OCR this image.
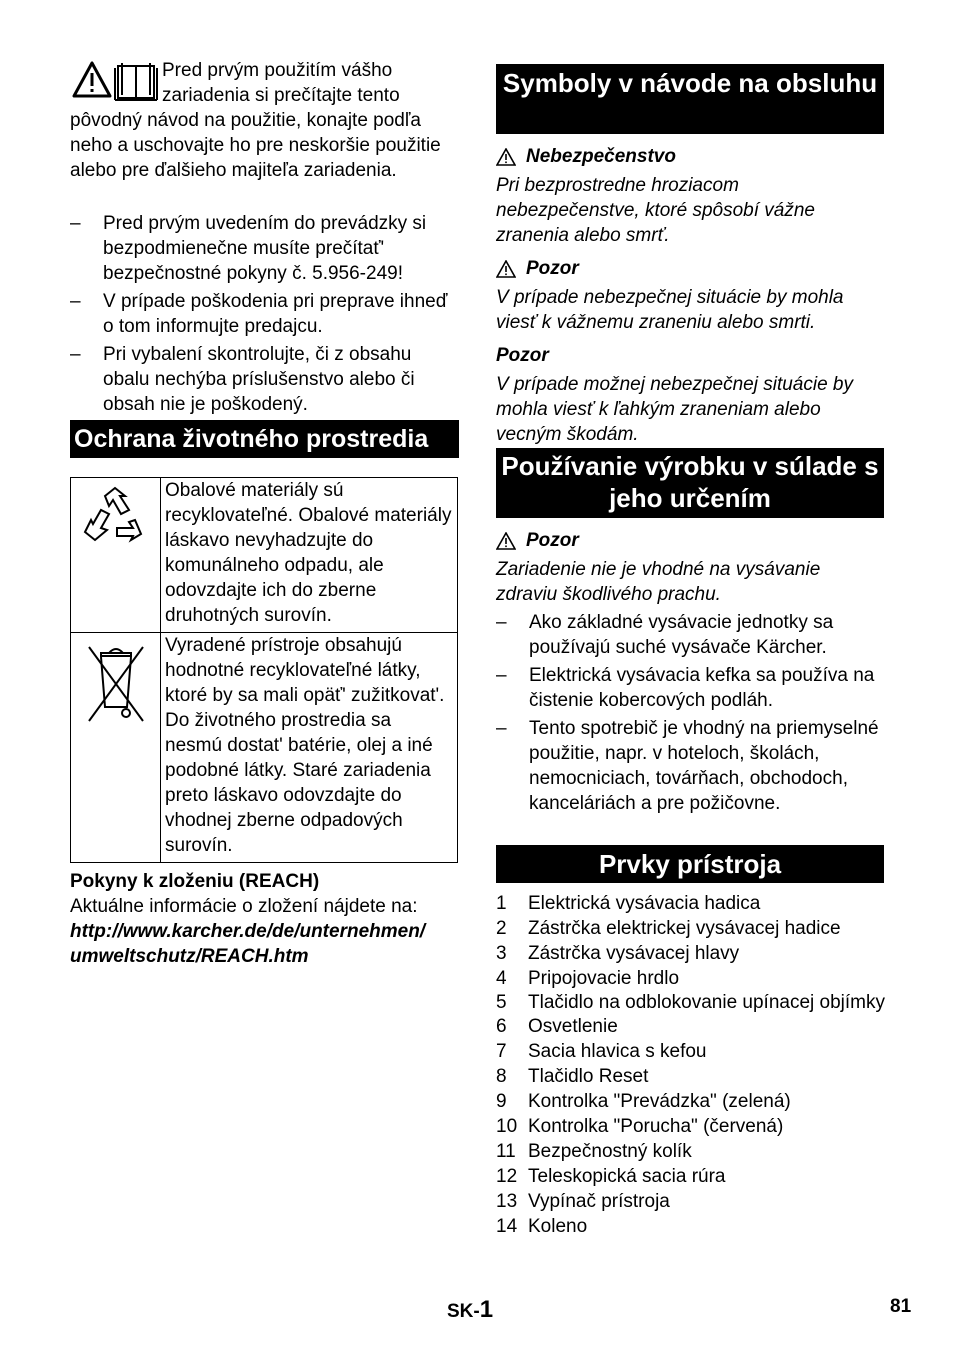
Pred prvým použitím vášho zariadenia si prečítajte tento pôvodný návod na použitie, konajte podľa neho a uschovajte ho pre neskoršie použitie alebo pre ďalšieho majiteľa zariadenia.
– Pred prvým uvedením do prevádzky si bezpodmienečne musíte prečítať' bezpečnostné pokyny č. 5.956-249!
– V prípade poškodenia pri preprave ihneď o tom informujte predajcu.
– Pri vybalení skontrolujte, či z obsahu obalu nechýba príslušenstvo alebo či obsah nie je poškodený.
Ochrana životného prostredia
	Obalové materiály sú recyklovateľné. Obalové materiály láskavo nevyhadzujte do komunálneho odpadu, ale odovzdajte ich do zberne druhotných surovín.
	Vyradené prístroje obsahujú hodnotné recyklovateľné látky, ktoré by sa mali opäť' zužitkovat'. Do životného prostredia sa nesmú dostat' batérie, olej a iné podobné látky. Staré zariadenia preto láskavo odovzdajte do vhodnej zberne odpadových surovín.

Pokyny k zloženiu (REACH)

Aktuálne informácie o zložení nájdete na:

http://www.karcher.de/de/unternehmen/

umweltschutz/REACH.htm

Symboly v návode na obsluhu
Nebezpečenstvo

Pri bezprostredne hroziacom nebezpečenstve, ktoré spôsobí vážne zranenia alebo smrť.

Pozor

V prípade nebezpečnej situácie by mohla viesť k vážnemu zraneniu alebo smrti.

Pozor

V prípade možnej nebezpečnej situácie by mohla viesť k ľahkým zraneniam alebo vecným škodám.

Používanie výrobku v súlade s jeho určením
Pozor

Zariadenie nie je vhodné na vysávanie zdraviu škodlivého prachu.

– Ako základné vysávacie jednotky sa používajú suché vysávače Kärcher.
– Elektrická vysávacia kefka sa používa na čistenie kobercových podláh.
– Tento spotrebič je vhodný na priemyselné použitie, napr. v hoteloch, školách, nemocniciach, továrňach, obchodoch, kanceláriách a pre požičovne.
Prvky prístroja
1	Elektrická vysávacia hadica
2	Zástrčka elektrickej vysávacej hadice
3	Zástrčka vysávacej hlavy
4	Pripojovacie hrdlo
5	Tlačidlo na odblokovanie upínacej objímky
6	Osvetlenie
7	Sacia hlavica s kefou
8	Tlačidlo Reset
9	Kontrolka "Prevádzka" (zelená)
10 Kontrolka "Porucha" (červená)
11 Bezpečnostný kolík
12 Teleskopická sacia rúra
13 Vypínač prístroja
14 Koleno
SK-1	81
